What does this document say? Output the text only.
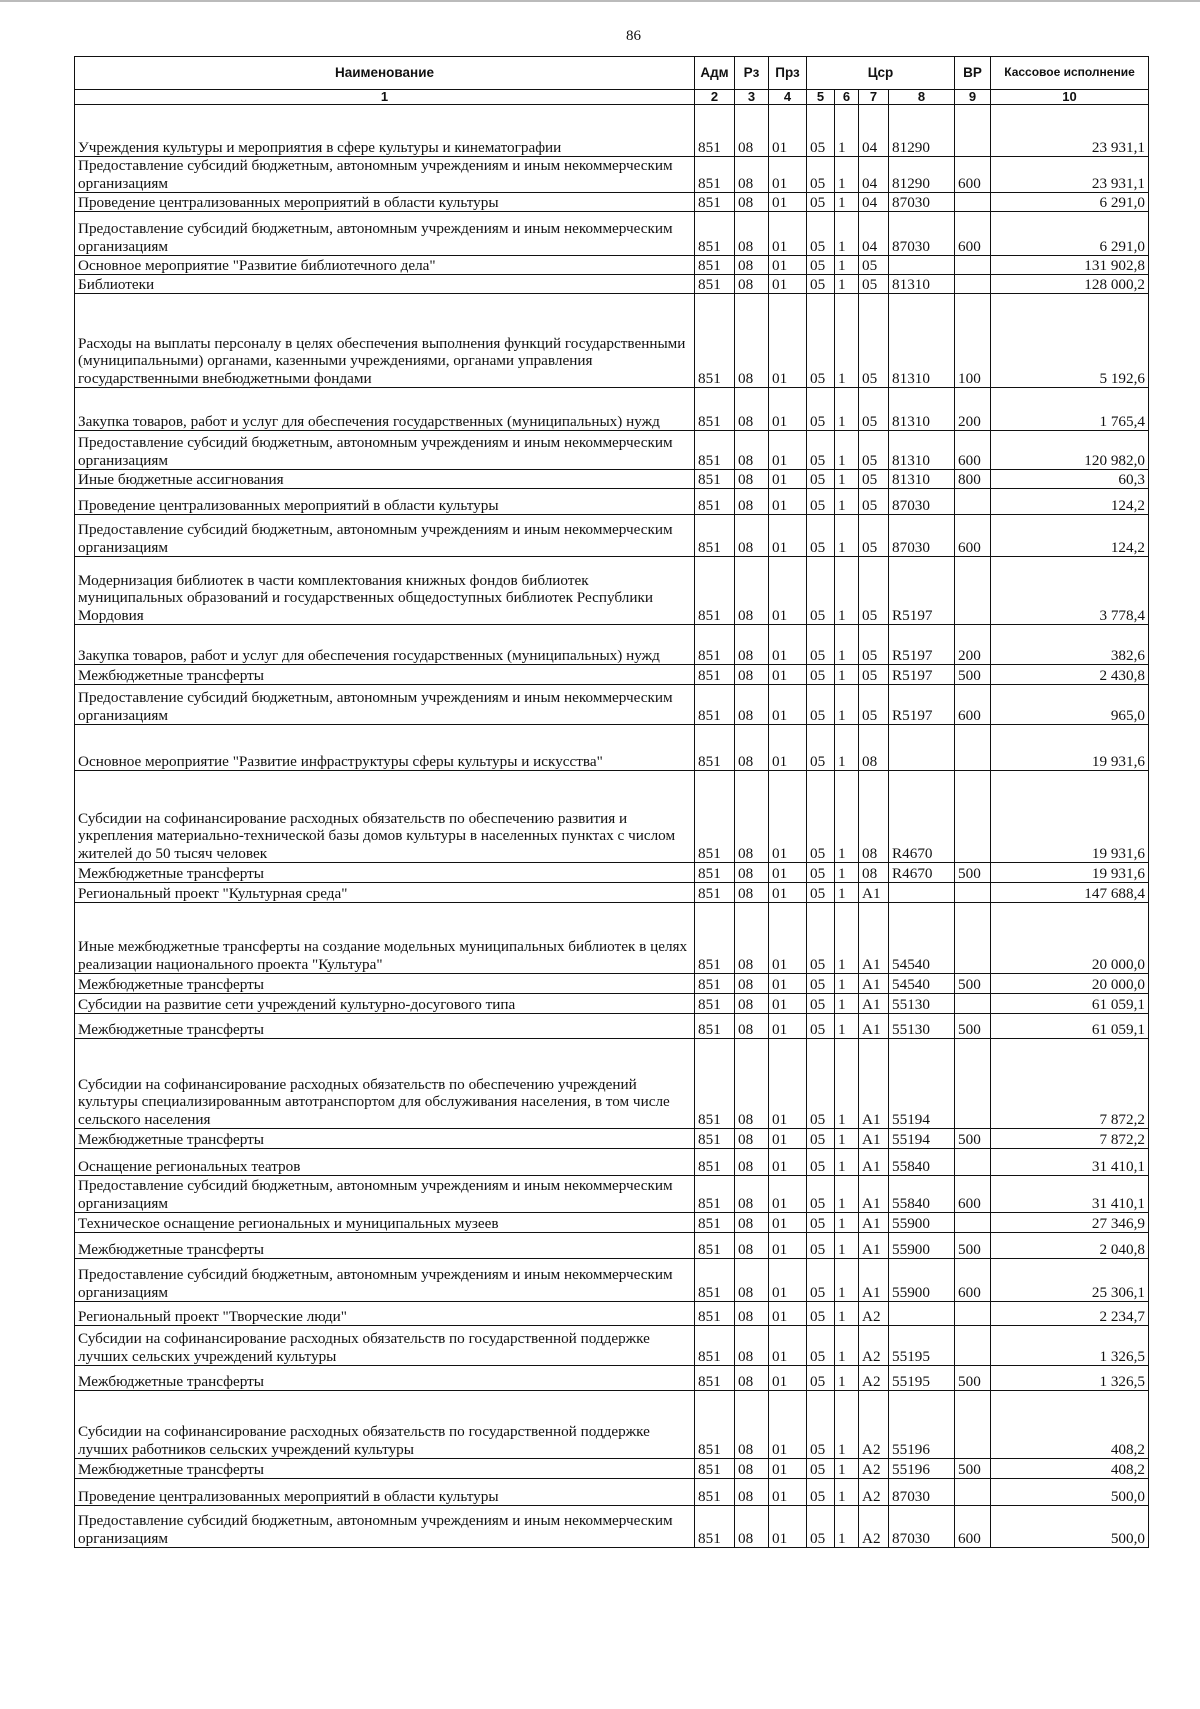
86
Наименование	Адм	Рз	Прз	Цср				ВР	Кассовое исполнение
1	2	3	4	5	6	7	8	9	10
Учреждения культуры и мероприятия в сфере культуры и кинематографии	851	08	01	05	1	04	81290		23 931,1
Предоставление субсидий бюджетным, автономным учреждениям и иным некоммерческим организациям	851	08	01	05	1	04	81290	600	23 931,1
Проведение централизованных мероприятий в области культуры	851	08	01	05	1	04	87030		6 291,0
Предоставление субсидий бюджетным, автономным учреждениям и иным некоммерческим организациям	851	08	01	05	1	04	87030	600	6 291,0
Основное мероприятие "Развитие библиотечного дела"	851	08	01	05	1	05			131 902,8
Библиотеки	851	08	01	05	1	05	81310		128 000,2
Расходы на выплаты персоналу в целях обеспечения выполнения функций государственными (муниципальными) органами, казенными учреждениями, органами управления государственными внебюджетными фондами	851	08	01	05	1	05	81310	100	5 192,6
Закупка товаров, работ и услуг для обеспечения государственных (муниципальных) нужд	851	08	01	05	1	05	81310	200	1 765,4
Предоставление субсидий бюджетным, автономным учреждениям и иным некоммерческим организациям	851	08	01	05	1	05	81310	600	120 982,0
Иные бюджетные ассигнования	851	08	01	05	1	05	81310	800	60,3
Проведение централизованных мероприятий в области культуры	851	08	01	05	1	05	87030		124,2
Предоставление субсидий бюджетным, автономным учреждениям и иным некоммерческим организациям	851	08	01	05	1	05	87030	600	124,2
Модернизация библиотек в части комплектования книжных фондов библиотек муниципальных образований и государственных общедоступных библиотек Республики Мордовия	851	08	01	05	1	05	R5197		3 778,4
Закупка товаров, работ и услуг для обеспечения государственных (муниципальных) нужд	851	08	01	05	1	05	R5197	200	382,6
Межбюджетные трансферты	851	08	01	05	1	05	R5197	500	2 430,8
Предоставление субсидий бюджетным, автономным учреждениям и иным некоммерческим организациям	851	08	01	05	1	05	R5197	600	965,0
Основное мероприятие "Развитие инфраструктуры сферы культуры и искусства"	851	08	01	05	1	08			19 931,6
Субсидии на софинансирование расходных обязательств по обеспечению развития и укрепления материально-технической базы домов культуры в населенных пунктах с числом жителей до 50 тысяч человек	851	08	01	05	1	08	R4670		19 931,6
Межбюджетные трансферты	851	08	01	05	1	08	R4670	500	19 931,6
Региональный проект "Культурная среда"	851	08	01	05	1	A1			147 688,4
Иные межбюджетные трансферты на создание модельных муниципальных библиотек в целях реализации национального проекта "Культура"	851	08	01	05	1	A1	54540		20 000,0
Межбюджетные трансферты	851	08	01	05	1	A1	54540	500	20 000,0
Субсидии на развитие сети учреждений культурно-досугового типа	851	08	01	05	1	A1	55130		61 059,1
Межбюджетные трансферты	851	08	01	05	1	A1	55130	500	61 059,1
Субсидии на софинансирование расходных обязательств по обеспечению учреждений культуры специализированным автотранспортом для обслуживания населения, в том числе сельского населения	851	08	01	05	1	A1	55194		7 872,2
Межбюджетные трансферты	851	08	01	05	1	A1	55194	500	7 872,2
Оснащение региональных театров	851	08	01	05	1	A1	55840		31 410,1
Предоставление субсидий бюджетным, автономным учреждениям и иным некоммерческим организациям	851	08	01	05	1	A1	55840	600	31 410,1
Техническое оснащение региональных и муниципальных музеев	851	08	01	05	1	A1	55900		27 346,9
Межбюджетные трансферты	851	08	01	05	1	A1	55900	500	2 040,8
Предоставление субсидий бюджетным, автономным учреждениям и иным некоммерческим организациям	851	08	01	05	1	A1	55900	600	25 306,1
Региональный проект "Творческие люди"	851	08	01	05	1	A2			2 234,7
Субсидии на софинансирование расходных обязательств по государственной поддержке лучших сельских учреждений культуры	851	08	01	05	1	A2	55195		1 326,5
Межбюджетные трансферты	851	08	01	05	1	A2	55195	500	1 326,5
Субсидии на софинансирование расходных обязательств по государственной поддержке лучших работников сельских учреждений культуры	851	08	01	05	1	A2	55196		408,2
Межбюджетные трансферты	851	08	01	05	1	A2	55196	500	408,2
Проведение централизованных мероприятий в области культуры	851	08	01	05	1	A2	87030		500,0
Предоставление субсидий бюджетным, автономным учреждениям и иным некоммерческим организациям	851	08	01	05	1	A2	87030	600	500,0
